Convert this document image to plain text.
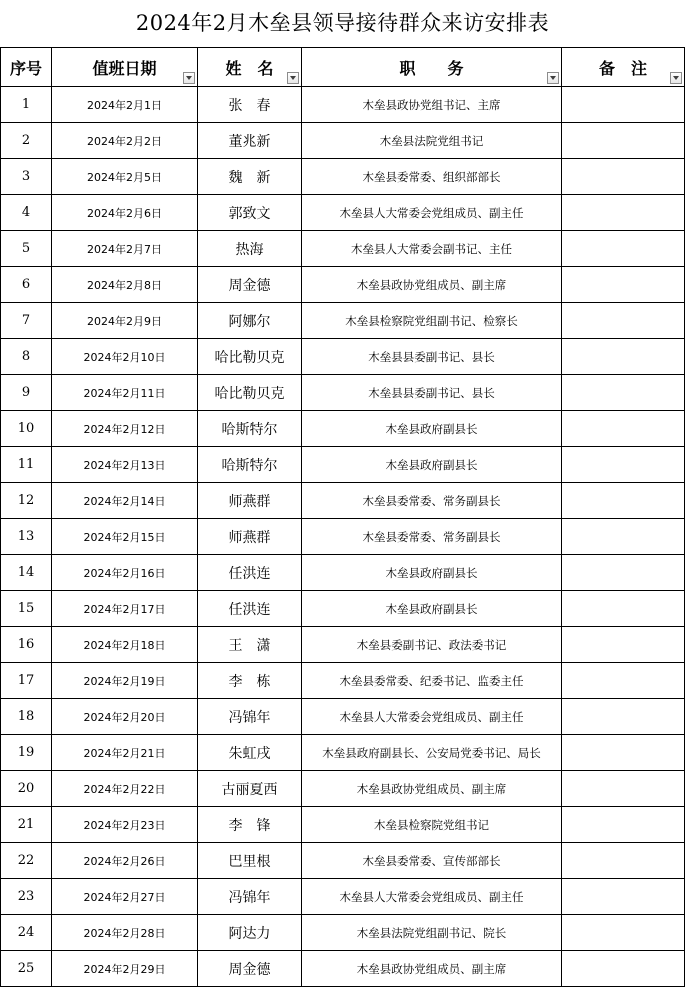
2024年2月木垒县领导接待群众来访安排表
序号	值班日期	姓　名	职　　务	备　注

1	2024年2月1日	张　春	木垒县政协党组书记、主席	
2	2024年2月2日	董兆新	木垒县法院党组书记	
3	2024年2月5日	魏　新	木垒县委常委、组织部部长	
4	2024年2月6日	郭致文	木垒县人大常委会党组成员、副主任	
5	2024年2月7日	热海	木垒县人大常委会副书记、主任	
6	2024年2月8日	周金德	木垒县政协党组成员、副主席	
7	2024年2月9日	阿娜尔	木垒县检察院党组副书记、检察长	
8	2024年2月10日	哈比勒贝克	木垒县县委副书记、县长	
9	2024年2月11日	哈比勒贝克	木垒县县委副书记、县长	
10	2024年2月12日	哈斯特尔	木垒县政府副县长	
11	2024年2月13日	哈斯特尔	木垒县政府副县长	
12	2024年2月14日	师燕群	木垒县委常委、常务副县长	
13	2024年2月15日	师燕群	木垒县委常委、常务副县长	
14	2024年2月16日	任洪连	木垒县政府副县长	
15	2024年2月17日	任洪连	木垒县政府副县长	
16	2024年2月18日	王　潇	木垒县委副书记、政法委书记	
17	2024年2月19日	李　栋	木垒县委常委、纪委书记、监委主任	
18	2024年2月20日	冯锦年	木垒县人大常委会党组成员、副主任	
19	2024年2月21日	朱虹戌	木垒县政府副县长、公安局党委书记、局长	
20	2024年2月22日	古丽夏西	木垒县政协党组成员、副主席	
21	2024年2月23日	李　锋	木垒县检察院党组书记	
22	2024年2月26日	巴里根	木垒县委常委、宣传部部长	
23	2024年2月27日	冯锦年	木垒县人大常委会党组成员、副主任	
24	2024年2月28日	阿达力	木垒县法院党组副书记、院长	
25	2024年2月29日	周金德	木垒县政协党组成员、副主席	
